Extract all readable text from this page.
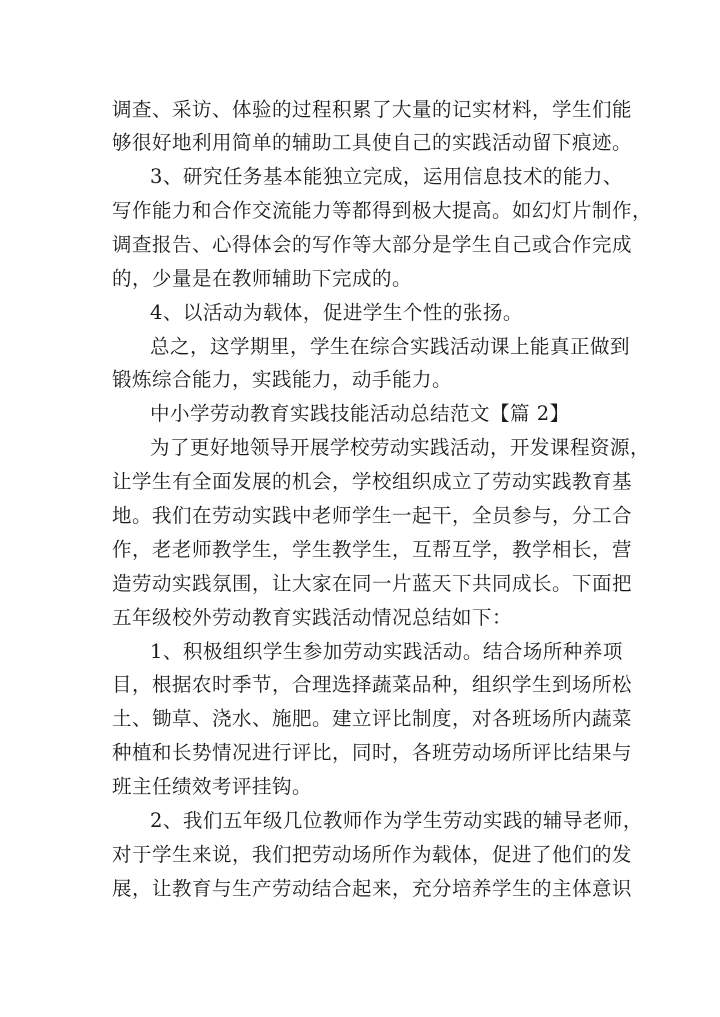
调查、采访、体验的过程积累了大量的记实材料，学生们能
够很好地利用简单的辅助工具使自己的实践活动留下痕迹。
3、研究任务基本能独立完成，运用信息技术的能力、
写作能力和合作交流能力等都得到极大提高。如幻灯片制作，
调查报告、心得体会的写作等大部分是学生自己或合作完成
的，少量是在教师辅助下完成的。
4、以活动为载体，促进学生个性的张扬。
总之，这学期里，学生在综合实践活动课上能真正做到
锻炼综合能力，实践能力，动手能力。
中小学劳动教育实践技能活动总结范文【篇 2】
为了更好地领导开展学校劳动实践活动，开发课程资源，
让学生有全面发展的机会，学校组织成立了劳动实践教育基
地。我们在劳动实践中老师学生一起干，全员参与，分工合
作，老老师教学生，学生教学生，互帮互学，教学相长，营
造劳动实践氛围，让大家在同一片蓝天下共同成长。下面把
五年级校外劳动教育实践活动情况总结如下：
1、积极组织学生参加劳动实践活动。结合场所种养项
目，根据农时季节，合理选择蔬菜品种，组织学生到场所松
土、锄草、浇水、施肥。建立评比制度，对各班场所内蔬菜
种植和长势情况进行评比，同时，各班劳动场所评比结果与
班主任绩效考评挂钩。
2、我们五年级几位教师作为学生劳动实践的辅导老师，
对于学生来说，我们把劳动场所作为载体，促进了他们的发
展，让教育与生产劳动结合起来，充分培养学生的主体意识
